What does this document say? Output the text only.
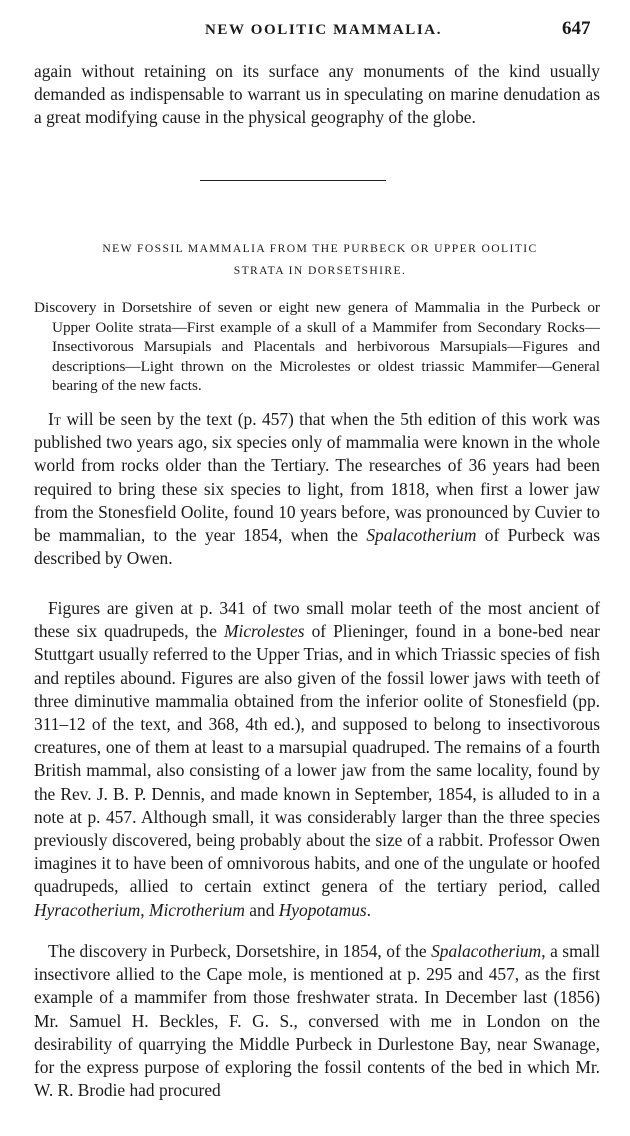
NEW OOLITIC MAMMALIA.	647

again without retaining on its surface any monuments of the kind usually demanded as indispensable to warrant us in speculating on marine denudation as a great modifying cause in the physical geography of the globe.

NEW FOSSIL MAMMALIA FROM THE PURBECK OR UPPER OOLITIC
STRATA IN DORSETSHIRE.

Discovery in Dorsetshire of seven or eight new genera of Mammalia in the Purbeck or Upper Oolite strata—First example of a skull of a Mammifer from Secondary Rocks—Insectivorous Marsupials and Placentals and herbivorous Marsupials—Figures and descriptions—Light thrown on the Microlestes or oldest triassic Mammifer—General bearing of the new facts.

It will be seen by the text (p. 457) that when the 5th edition of this work was published two years ago, six species only of mammalia were known in the whole world from rocks older than the Tertiary. The researches of 36 years had been required to bring these six species to light, from 1818, when first a lower jaw from the Stonesfield Oolite, found 10 years before, was pronounced by Cuvier to be mammalian, to the year 1854, when the Spalacotherium of Purbeck was described by Owen.

Figures are given at p. 341 of two small molar teeth of the most ancient of these six quadrupeds, the Microlestes of Plieninger, found in a bone-bed near Stuttgart usually referred to the Upper Trias, and in which Triassic species of fish and reptiles abound. Figures are also given of the fossil lower jaws with teeth of three diminutive mammalia obtained from the inferior oolite of Stonesfield (pp. 311–12 of the text, and 368, 4th ed.), and supposed to belong to insectivorous creatures, one of them at least to a marsupial quadruped. The remains of a fourth British mammal, also consisting of a lower jaw from the same locality, found by the Rev. J. B. P. Dennis, and made known in September, 1854, is alluded to in a note at p. 457. Although small, it was considerably larger than the three species previously discovered, being probably about the size of a rabbit. Professor Owen imagines it to have been of omnivorous habits, and one of the ungulate or hoofed quadrupeds, allied to certain extinct genera of the tertiary period, called Hyracotherium, Microtherium and Hyopotamus.

The discovery in Purbeck, Dorsetshire, in 1854, of the Spalacotherium, a small insectivore allied to the Cape mole, is mentioned at p. 295 and 457, as the first example of a mammifer from those freshwater strata. In December last (1856) Mr. Samuel H. Beckles, F. G. S., conversed with me in London on the desirability of quarrying the Middle Purbeck in Durlestone Bay, near Swanage, for the express purpose of exploring the fossil contents of the bed in which Mr. W. R. Brodie had procured
